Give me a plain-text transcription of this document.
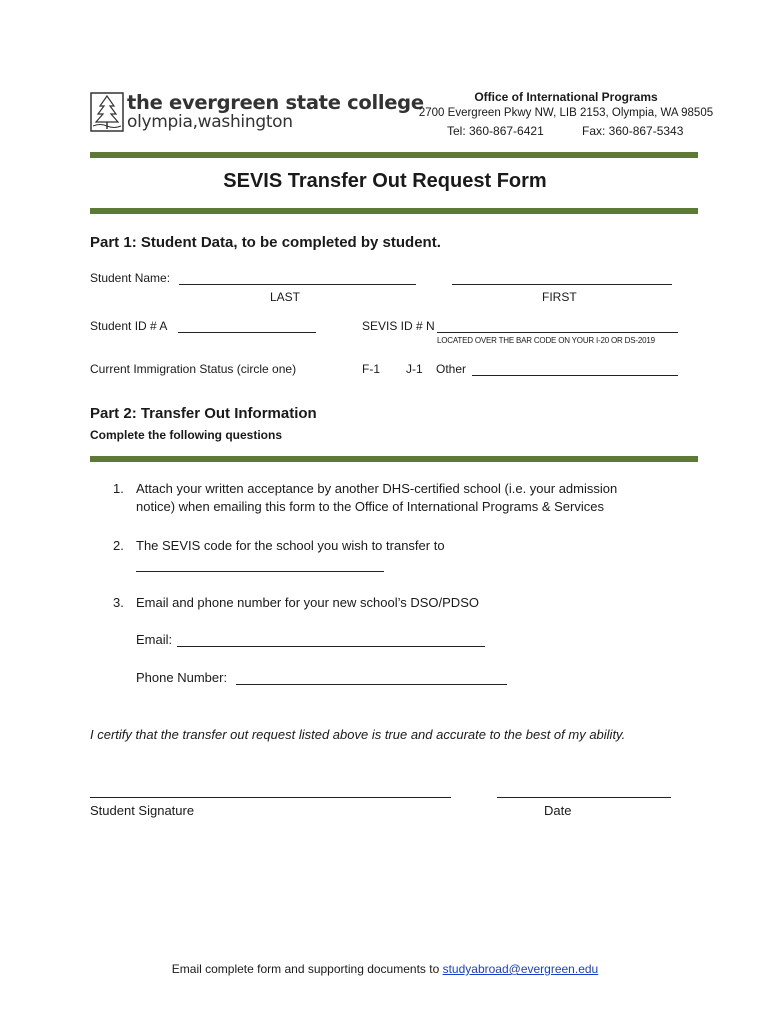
the evergreen state college
olympia,washington
Office of International Programs
2700 Evergreen Pkwy NW, LIB 2153, Olympia, WA 98505
Tel: 360-867-6421	Fax: 360-867-5343
SEVIS Transfer Out Request Form
Part 1: Student Data, to be completed by student.
Student Name:
LAST	FIRST
Student ID # A	SEVIS ID # N
LOCATED OVER THE BAR CODE ON YOUR I-20 OR DS-2019
Current Immigration Status (circle one)	F-1 J-1 Other
Part 2: Transfer Out Information
Complete the following questions
1. Attach your written acceptance by another DHS-certified school (i.e. your admission
notice) when emailing this form to the Office of International Programs & Services
2. The SEVIS code for the school you wish to transfer to
3. Email and phone number for your new school’s DSO/PDSO
Email:
Phone Number:
I certify that the transfer out request listed above is true and accurate to the best of my ability.
Student Signature	Date
Email complete form and supporting documents to studyabroad@evergreen.edu
